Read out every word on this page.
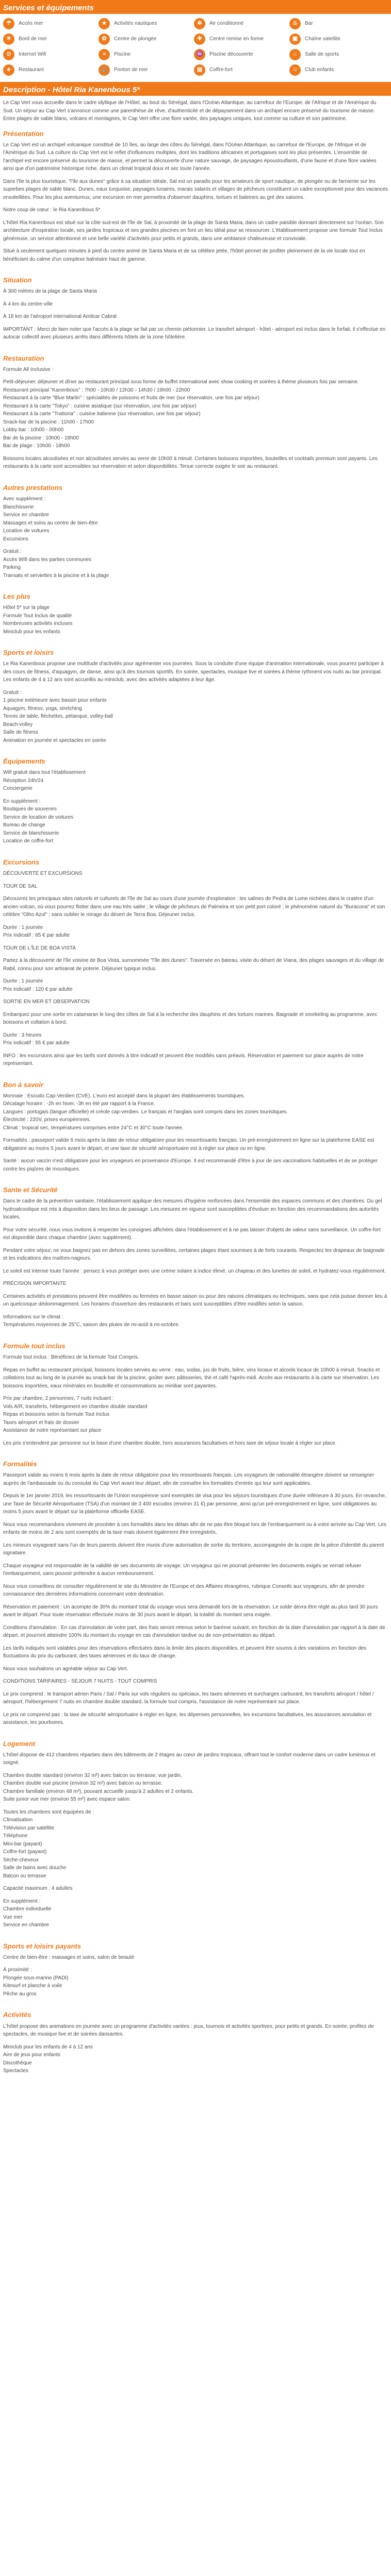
Services et équipements
☂	Accès mer	★	Activités nautiques	❄	Air conditionné	♨	Bar
☀	Bord de mer	✿	Centre de plongée	✚	Centre remise en forme	▣	Chaîne satellite
⊙	Internet Wifi	≈	Piscine	♒	Piscine découverte	⌂	Salle de sports
♣	Restaurant	⚓	Ponton de mer	▤	Coffre-fort	☺	Club enfants
Description - Hôtel Ria Kanenbous 5*

Le Cap Vert vous accueille dans le cadre idyllique de l'Hôtel, au bout du Sénégal, dans l'Océan Atlantique, au carrefour de l'Europe, de l'Afrique et de l'Amérique du Sud. Un séjour au Cap Vert s'annonce comme une parenthèse de rêve, d'authenticité et de dépaysement dans un archipel encore préservé du tourisme de masse. Entre plages de sable blanc, volcans et montagnes, le Cap Vert offre une flore variée, des paysages uniques, tout comme sa culture et son patrimoine.

Présentation

Le Cap Vert est un archipel volcanique constitué de 10 îles, au large des côtes du Sénégal, dans l'Océan Atlantique, au carrefour de l'Europe, de l'Afrique et de l'Amérique du Sud. La culture du Cap Vert est le reflet d'influences multiples, dont les traditions africaines et portugaises sont les plus présentes. L'ensemble de l'archipel est encore préservé du tourisme de masse, et permet la découverte d'une nature sauvage, de paysages époustouflants, d'une faune et d'une flore variées ainsi que d'un patrimoine historique riche, dans un climat tropical doux et sec toute l'année.

Dans l'île la plus touristique, "l'île aux dunes" grâce à sa situation idéale, Sal est un paradis pour les amateurs de sport nautique, de plongée ou de farniente sur les superbes plages de sable blanc. Dunes, eaux turquoise, paysages lunaires, marais salants et villages de pêcheurs constituent un cadre exceptionnel pour des vacances ensoleillées. Pour les plus aventureux, une excursion en mer permettra d'observer dauphins, tortues et baleines au gré des saisons.

Notre coup de cœur : le Ria Kanenbous 5*

L'hôtel Ria Kanenbous est situé sur la côte sud-est de l'île de Sal, à proximité de la plage de Santa Maria, dans un cadre paisible donnant directement sur l'océan. Son architecture d'inspiration locale, ses jardins tropicaux et ses grandes piscines en font un lieu idéal pour se ressourcer. L'établissement propose une formule Tout Inclus généreuse, un service attentionné et une belle variété d'activités pour petits et grands, dans une ambiance chaleureuse et conviviale.

Situé à seulement quelques minutes à pied du centre animé de Santa Maria et de sa célèbre jetée, l'hôtel permet de profiter pleinement de la vie locale tout en bénéficiant du calme d'un complexe balnéaire haut de gamme.

Situation

À 300 mètres de la plage de Santa Maria

À 4 km du centre-ville

À 18 km de l'aéroport international Amilcar Cabral

IMPORTANT : Merci de bien noter que l'accès à la plage se fait par un chemin piétonnier. Le transfert aéroport - hôtel - aéroport est inclus dans le forfait, il s'effectue en autocar collectif avec plusieurs arrêts dans différents hôtels de la zone hôtelière.

Restauration

Formule All Inclusive :

Petit-déjeuner, déjeuner et dîner au restaurant principal sous forme de buffet international avec show cooking et soirées à thème plusieurs fois par semaine.

Restaurant principal "Kanenbous" : 7h00 - 10h30 / 12h30 - 14h30 / 19h00 - 22h00

Restaurant à la carte "Blue Marlin" : spécialités de poissons et fruits de mer (sur réservation, une fois par séjour)

Restaurant à la carte "Tokyo" : cuisine asiatique (sur réservation, une fois par séjour)

Restaurant à la carte "Trattoria" : cuisine italienne (sur réservation, une fois par séjour)

Snack-bar de la piscine : 11h00 - 17h00

Lobby bar : 10h00 - 00h00

Bar de la piscine : 10h00 - 18h00

Bar de plage : 10h00 - 18h00

Boissons locales alcoolisées et non alcoolisées servies au verre de 10h00 à minuit. Certaines boissons importées, bouteilles et cocktails premium sont payants. Les restaurants à la carte sont accessibles sur réservation et selon disponibilités. Tenue correcte exigée le soir au restaurant.

Autres prestations

Avec supplément :

Blanchisserie

Service en chambre

Massages et soins au centre de bien-être

Location de voitures

Excursions

Gratuit :

Accès Wifi dans les parties communes

Parking

Transats et serviettes à la piscine et à la plage

Les plus

Hôtel 5* sur la plage

Formule Tout Inclus de qualité

Nombreuses activités incluses

Miniclub pour les enfants

Sports et loisirs

Le Ria Kanenbous propose une multitude d'activités pour agrémenter vos journées. Sous la conduite d'une équipe d'animation internationale, vous pourrez participer à des cours de fitness, d'aquagym, de danse, ainsi qu'à des tournois sportifs. En soirée, spectacles, musique live et soirées à thème rythment vos nuits au bar principal. Les enfants de 4 à 12 ans sont accueillis au miniclub, avec des activités adaptées à leur âge.

Gratuit :

1 piscine extérieure avec bassin pour enfants

Aquagym, fitness, yoga, stretching

Tennis de table, fléchettes, pétanque, volley-ball

Beach-volley

Salle de fitness

Animation en journée et spectacles en soirée

Équipements

Wifi gratuit dans tout l'établissement

Réception 24h/24

Conciergerie

En supplément :

Boutiques de souvenirs

Service de location de voitures

Bureau de change

Service de blanchisserie

Location de coffre-fort

Excursions

DÉCOUVERTE ET EXCURSIONS

TOUR DE SAL

Découvrez les principaux sites naturels et culturels de l'île de Sal au cours d'une journée d'exploration : les salines de Pedra de Lume nichées dans le cratère d'un ancien volcan, où vous pourrez flotter dans une eau très salée ; le village de pêcheurs de Palmeira et son petit port coloré ; le phénomène naturel du "Buracona" et son célèbre "Olho Azul" ; sans oublier le mirage du désert de Terra Boa. Déjeuner inclus.

Durée : 1 journée

Prix indicatif : 65 € par adulte

TOUR DE L'ÎLE DE BOA VISTA

Partez à la découverte de l'île voisine de Boa Vista, surnommée "l'île des dunes". Traversée en bateau, visite du désert de Viana, des plages sauvages et du village de Rabil, connu pour son artisanat de poterie. Déjeuner typique inclus.

Durée : 1 journée

Prix indicatif : 120 € par adulte

SORTIE EN MER ET OBSERVATION

Embarquez pour une sortie en catamaran le long des côtes de Sal à la recherche des dauphins et des tortues marines. Baignade et snorkeling au programme, avec boissons et collation à bord.

Durée : 3 heures

Prix indicatif : 55 € par adulte

INFO : les excursions ainsi que les tarifs sont donnés à titre indicatif et peuvent être modifiés sans préavis. Réservation et paiement sur place auprès de notre représentant.

Bon à savoir

Monnaie : Escudo Cap-Verdien (CVE). L'euro est accepté dans la plupart des établissements touristiques.

Décalage horaire : -2h en hiver, -3h en été par rapport à la France.

Langues : portugais (langue officielle) et créole cap-verdien. Le français et l'anglais sont compris dans les zones touristiques.

Électricité : 220V, prises européennes.

Climat : tropical sec, températures comprises entre 24°C et 30°C toute l'année.

Formalités : passeport valide 6 mois après la date de retour obligatoire pour les ressortissants français. Un pré-enregistrement en ligne sur la plateforme EASE est obligatoire au moins 5 jours avant le départ, et une taxe de sécurité aéroportuaire est à régler sur place ou en ligne.

Santé : aucun vaccin n'est obligatoire pour les voyageurs en provenance d'Europe. Il est recommandé d'être à jour de ses vaccinations habituelles et de se protéger contre les piqûres de moustiques.

Sante et Sécurité

Dans le cadre de la prévention sanitaire, l'établissement applique des mesures d'hygiène renforcées dans l'ensemble des espaces communs et des chambres. Du gel hydroalcoolique est mis à disposition dans les lieux de passage. Les mesures en vigueur sont susceptibles d'évoluer en fonction des recommandations des autorités locales.

Pour votre sécurité, nous vous invitons à respecter les consignes affichées dans l'établissement et à ne pas laisser d'objets de valeur sans surveillance. Un coffre-fort est disponible dans chaque chambre (avec supplément).

Pendant votre séjour, ne vous baignez pas en dehors des zones surveillées, certaines plages étant soumises à de forts courants. Respectez les drapeaux de baignade et les indications des maîtres-nageurs.

Le soleil est intense toute l'année : pensez à vous protéger avec une crème solaire à indice élevé, un chapeau et des lunettes de soleil, et hydratez-vous régulièrement.

PRÉCISION IMPORTANTE

Certaines activités et prestations peuvent être modifiées ou fermées en basse saison ou pour des raisons climatiques ou techniques, sans que cela puisse donner lieu à un quelconque dédommagement. Les horaires d'ouverture des restaurants et bars sont susceptibles d'être modifiés selon la saison.

Informations sur le climat :

Températures moyennes de 25°C, saison des pluies de mi-août à mi-octobre.

Formule tout inclus

Formule tout inclus : Bénéficiez de la formule Tout Compris.

Repas en buffet au restaurant principal, boissons locales servies au verre : eau, sodas, jus de fruits, bière, vins locaux et alcools locaux de 10h00 à minuit. Snacks et collations tout au long de la journée au snack-bar de la piscine, goûter avec pâtisseries, thé et café l'après-midi. Accès aux restaurants à la carte sur réservation. Les boissons importées, eaux minérales en bouteille et consommations au minibar sont payantes.

Prix par chambre, 2 personnes, 7 nuits incluant :

Vols A/R, transferts, hébergement en chambre double standard

Repas et boissons selon la formule Tout Inclus

Taxes aéroport et frais de dossier

Assistance de notre représentant sur place

Les prix s'entendent par personne sur la base d'une chambre double, hors assurances facultatives et hors taxe de séjour locale à régler sur place.

Formalités

Passeport valide au moins 6 mois après la date de retour obligatoire pour les ressortissants français. Les voyageurs de nationalité étrangère doivent se renseigner auprès de l'ambassade ou du consulat du Cap Vert avant leur départ, afin de connaître les formalités d'entrée qui leur sont applicables.

Depuis le 1er janvier 2019, les ressortissants de l'Union européenne sont exemptés de visa pour les séjours touristiques d'une durée inférieure à 30 jours. En revanche, une Taxe de Sécurité Aéroportuaire (TSA) d'un montant de 3 400 escudos (environ 31 €) par personne, ainsi qu'un pré-enregistrement en ligne, sont obligatoires au moins 5 jours avant le départ sur la plateforme officielle EASE.

Nous vous recommandons vivement de procéder à ces formalités dans les délais afin de ne pas être bloqué lors de l'embarquement ou à votre arrivée au Cap Vert. Les enfants de moins de 2 ans sont exemptés de la taxe mais doivent également être enregistrés.

Les mineurs voyageant sans l'un de leurs parents doivent être munis d'une autorisation de sortie du territoire, accompagnée de la copie de la pièce d'identité du parent signataire.

Chaque voyageur est responsable de la validité de ses documents de voyage. Un voyageur qui ne pourrait présenter les documents exigés se verrait refuser l'embarquement, sans pouvoir prétendre à aucun remboursement.

Nous vous conseillons de consulter régulièrement le site du Ministère de l'Europe et des Affaires étrangères, rubrique Conseils aux voyageurs, afin de prendre connaissance des dernières informations concernant votre destination.

Réservation et paiement : Un acompte de 30% du montant total du voyage vous sera demandé lors de la réservation. Le solde devra être réglé au plus tard 30 jours avant le départ. Pour toute réservation effectuée moins de 30 jours avant le départ, la totalité du montant sera exigée.

Conditions d'annulation : En cas d'annulation de votre part, des frais seront retenus selon le barème suivant, en fonction de la date d'annulation par rapport à la date de départ, et pourront atteindre 100% du montant du voyage en cas d'annulation tardive ou de non-présentation au départ.

Les tarifs indiqués sont valables pour des réservations effectuées dans la limite des places disponibles, et peuvent être soumis à des variations en fonction des fluctuations du prix du carburant, des taxes aériennes et du taux de change.

Nous vous souhaitons un agréable séjour au Cap Vert.

CONDITIONS TARIFAIRES - SÉJOUR 7 NUITS - TOUT COMPRIS

Le prix comprend : le transport aérien Paris / Sal / Paris sur vols réguliers ou spéciaux, les taxes aériennes et surcharges carburant, les transferts aéroport / hôtel / aéroport, l'hébergement 7 nuits en chambre double standard, la formule tout compris, l'assistance de notre représentant sur place.

Le prix ne comprend pas : la taxe de sécurité aéroportuaire à régler en ligne, les dépenses personnelles, les excursions facultatives, les assurances annulation et assistance, les pourboires.

Logement

L'hôtel dispose de 412 chambres réparties dans des bâtiments de 2 étages au cœur de jardins tropicaux, offrant tout le confort moderne dans un cadre lumineux et soigné.

Chambre double standard (environ 32 m²) avec balcon ou terrasse, vue jardin.

Chambre double vue piscine (environ 32 m²) avec balcon ou terrasse.

Chambre familiale (environ 48 m²), pouvant accueillir jusqu'à 2 adultes et 2 enfants.

Suite junior vue mer (environ 55 m²) avec espace salon.

Toutes les chambres sont équipées de :

Climatisation

Télévision par satellite

Téléphone

Mini-bar (payant)

Coffre-fort (payant)

Sèche-cheveux

Salle de bains avec douche

Balcon ou terrasse

Capacité maximum : 4 adultes

En supplément :

Chambre individuelle

Vue mer

Service en chambre

Sports et loisirs payants

Centre de bien-être : massages et soins, salon de beauté

À proximité :

Plongée sous-marine (PADI)

Kitesurf et planche à voile

Pêche au gros

Activités

L'hôtel propose des animations en journée avec un programme d'activités variées : jeux, tournois et activités sportives, pour petits et grands. En soirée, profitez de spectacles, de musique live et de soirées dansantes.

Miniclub pour les enfants de 4 à 12 ans

Aire de jeux pour enfants

Discothèque

Spectacles
